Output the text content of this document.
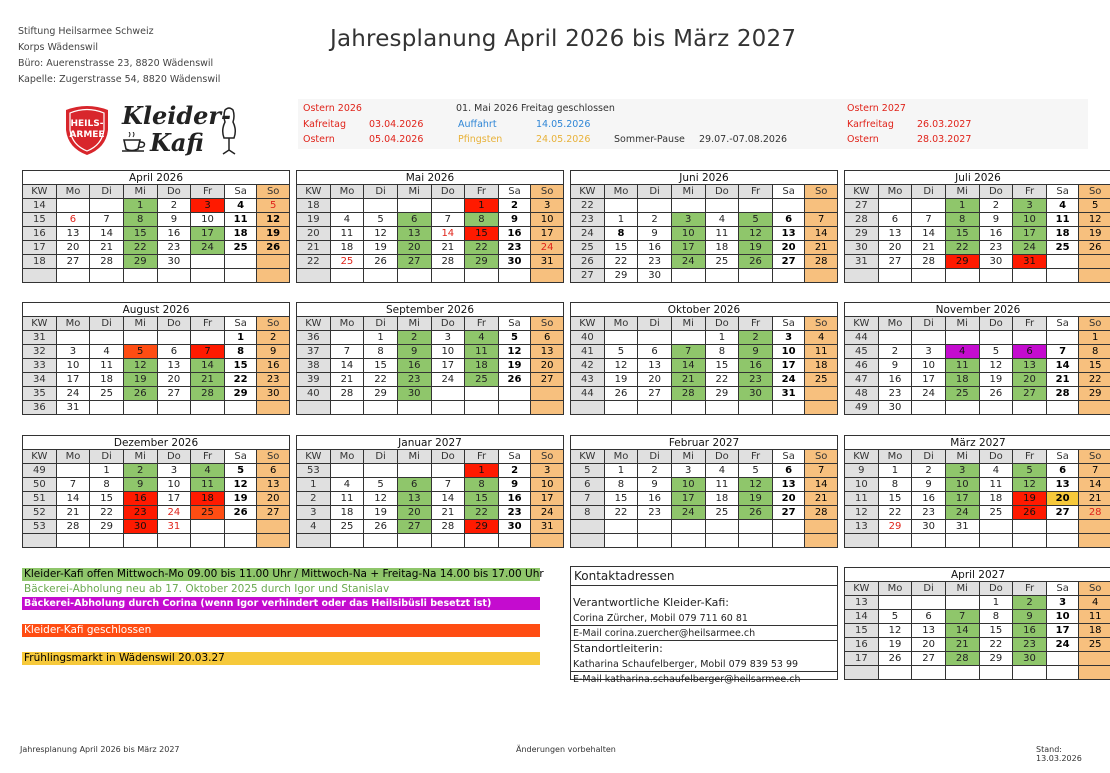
Stiftung Heilsarmee Schweiz
Korps Wädenswil
Büro: Auerenstrasse 23, 8820 Wädenswil
Kapelle: Zugerstrasse 54, 8820 Wädenswil
Jahresplanung April 2026 bis März 2027
HEILS-
ARMEE
Kleider-
Kafi
Ostern 2026
Kafreitag 03.04.2026
Ostern	05.04.2026
01. Mai 2026 Freitag geschlossen
Auffahrt	14.05.2026
Pfingsten	24.05.2026 Sommer-Pause 29.07.-07.08.2026
Ostern 2027
Karfreitag 26.03.2027
Ostern	28.03.2027
April 2026							
KW	Mo	Di	Mi	Do	Fr	Sa	So
14			1	2	3	4	5
15	6	7	8	9	10	11	12
16	13	14	15	16	17	18	19
17	20	21	22	23	24	25	26
18	27	28	29	30			

Mai 2026							
KW	Mo	Di	Mi	Do	Fr	Sa	So
18					1	2	3
19	4	5	6	7	8	9	10
20	11	12	13	14	15	16	17
21	18	19	20	21	22	23	24
22	25	26	27	28	29	30	31

Juni 2026							
KW	Mo	Di	Mi	Do	Fr	Sa	So
22							
23	1	2	3	4	5	6	7
24	8	9	10	11	12	13	14
25	15	16	17	18	19	20	21
26	22	23	24	25	26	27	28
27	29	30					
Juli 2026							
KW	Mo	Di	Mi	Do	Fr	Sa	So
27			1	2	3	4	5
28	6	7	8	9	10	11	12
29	13	14	15	16	17	18	19
30	20	21	22	23	24	25	26
31	27	28	29	30	31		

August 2026							
KW	Mo	Di	Mi	Do	Fr	Sa	So
31						1	2
32	3	4	5	6	7	8	9
33	10	11	12	13	14	15	16
34	17	18	19	20	21	22	23
35	24	25	26	27	28	29	30
36	31						
September 2026							
KW	Mo	Di	Mi	Do	Fr	Sa	So
36		1	2	3	4	5	6
37	7	8	9	10	11	12	13
38	14	15	16	17	18	19	20
39	21	22	23	24	25	26	27
40	28	29	30				

Oktober 2026							
KW	Mo	Di	Mi	Do	Fr	Sa	So
40				1	2	3	4
41	5	6	7	8	9	10	11
42	12	13	14	15	16	17	18
43	19	20	21	22	23	24	25
44	26	27	28	29	30	31	

November 2026							
KW	Mo	Di	Mi	Do	Fr	Sa	So
44							1
45	2	3	4	5	6	7	8
46	9	10	11	12	13	14	15
47	16	17	18	19	20	21	22
48	23	24	25	26	27	28	29
49	30						
Dezember 2026							
KW	Mo	Di	Mi	Do	Fr	Sa	So
49		1	2	3	4	5	6
50	7	8	9	10	11	12	13
51	14	15	16	17	18	19	20
52	21	22	23	24	25	26	27
53	28	29	30	31			

Januar 2027							
KW	Mo	Di	Mi	Do	Fr	Sa	So
53					1	2	3
1	4	5	6	7	8	9	10
2	11	12	13	14	15	16	17
3	18	19	20	21	22	23	24
4	25	26	27	28	29	30	31

Februar 2027							
KW	Mo	Di	Mi	Do	Fr	Sa	So
5	1	2	3	4	5	6	7
6	8	9	10	11	12	13	14
7	15	16	17	18	19	20	21
8	22	23	24	25	26	27	28

März 2027							
KW	Mo	Di	Mi	Do	Fr	Sa	So
9	1	2	3	4	5	6	7
10	8	9	10	11	12	13	14
11	15	16	17	18	19	20	21
12	22	23	24	25	26	27	28
13	29	30	31				

April 2027							
KW	Mo	Di	Mi	Do	Fr	Sa	So
13				1	2	3	4
14	5	6	7	8	9	10	11
15	12	13	14	15	16	17	18
16	19	20	21	22	23	24	25
17	26	27	28	29	30		

Kleider-Kafi offen Mittwoch-Mo 09.00 bis 11.00 Uhr / Mittwoch-Na + Freitag-Na 14.00 bis 17.00 Uhr
Bäckerei-Abholung neu ab 17. Oktober 2025 durch Igor und Stanislav
Bäckerei-Abholung durch Corina (wenn Igor verhindert oder das Heilsibüsli besetzt ist)
Kleider-Kafi geschlossen
Frühlingsmarkt in Wädenswil 20.03.27
Kontaktadressen
Verantwortliche Kleider-Kafi:
Corina Zürcher, Mobil 079 711 60 81
E-Mail corina.zuercher@heilsarmee.ch
Standortleiterin:
Katharina Schaufelberger, Mobil 079 839 53 99
E-Mail katharina.schaufelberger@heilsarmee.ch
Jahresplanung April 2026 bis März 2027	Änderungen vorbehalten	Stand: 13.03.2026
